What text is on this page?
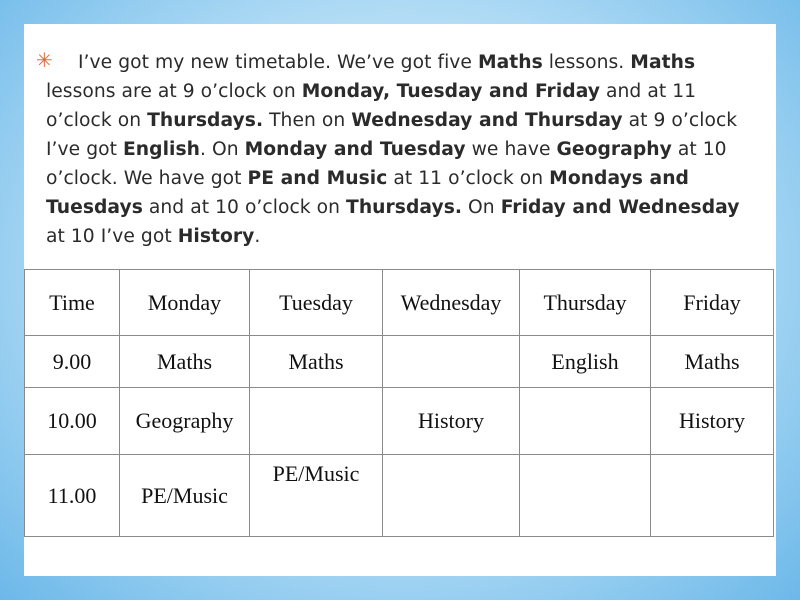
✳	I’ve got my new timetable. We’ve got five Maths lessons. Maths lessons are at 9 o’clock on Monday, Tuesday and Friday and at 11 o’clock on Thursdays. Then on Wednesday and Thursday at 9 o’clock I’ve got English. On Monday and Tuesday we have Geography at 10 o’clock. We have got PE and Music at 11 o’clock on Mondays and Tuesdays and at 10 o’clock on Thursdays. On Friday and Wednesday at 10 I’ve got History.

Time	Monday	Tuesday	Wednesday	Thursday	Friday
9.00	Maths	Maths		English	Maths
10.00	Geography		History		History
11.00	PE/Music	PE/Music			
